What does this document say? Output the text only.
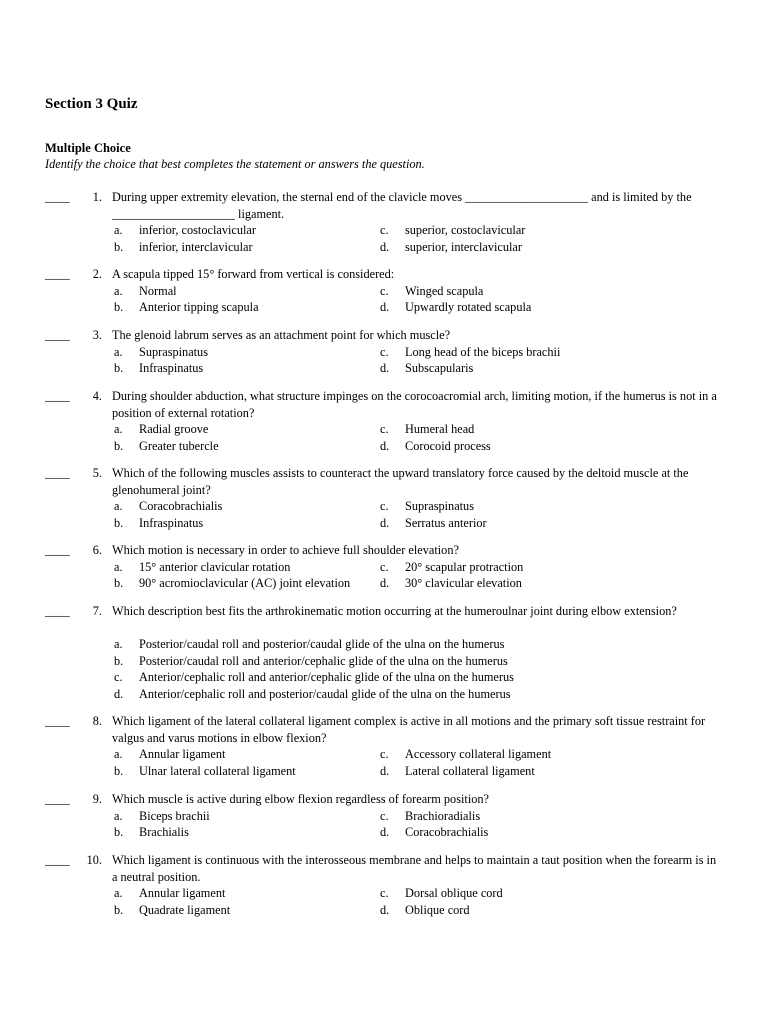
Section 3 Quiz
Multiple Choice
Identify the choice that best completes the statement or answers the question.
____	1. During upper extremity elevation, the sternal end of the clavicle moves ____________________ and is limited by the ____________________ ligament.
a. inferior, costoclavicular
b. inferior, interclavicular
c. superior, costoclavicular
d. superior, interclavicular
____	2. A scapula tipped 15° forward from vertical is considered:
a. Normal
b. Anterior tipping scapula
c. Winged scapula
d. Upwardly rotated scapula
____	3. The glenoid labrum serves as an attachment point for which muscle?
a. Supraspinatus
b. Infraspinatus
c. Long head of the biceps brachii
d. Subscapularis
____	4. During shoulder abduction, what structure impinges on the corocoacromial arch, limiting motion, if the humerus is not in a position of external rotation?
a. Radial groove
b. Greater tubercle
c. Humeral head
d. Corocoid process
____	5. Which of the following muscles assists to counteract the upward translatory force caused by the deltoid muscle at the glenohumeral joint?
a. Coracobrachialis
b. Infraspinatus
c. Supraspinatus
d. Serratus anterior
____	6. Which motion is necessary in order to achieve full shoulder elevation?
a. 15° anterior clavicular rotation
b. 90° acromioclavicular (AC) joint elevation
c. 20° scapular protraction
d. 30° clavicular elevation
____	7. Which description best fits the arthrokinematic motion occurring at the humeroulnar joint during elbow extension?
a. Posterior/caudal roll and posterior/caudal glide of the ulna on the humerus
b. Posterior/caudal roll and anterior/cephalic glide of the ulna on the humerus
c. Anterior/cephalic roll and anterior/cephalic glide of the ulna on the humerus
d. Anterior/cephalic roll and posterior/caudal glide of the ulna on the humerus
____	8. Which ligament of the lateral collateral ligament complex is active in all motions and the primary soft tissue restraint for valgus and varus motions in elbow flexion?
a. Annular ligament
b. Ulnar lateral collateral ligament
c. Accessory collateral ligament
d. Lateral collateral ligament
____	9. Which muscle is active during elbow flexion regardless of forearm position?
a. Biceps brachii
b. Brachialis
c. Brachioradialis
d. Coracobrachialis
____	10. Which ligament is continuous with the interosseous membrane and helps to maintain a taut position when the forearm is in a neutral position.
a. Annular ligament
b. Quadrate ligament
c. Dorsal oblique cord
d. Oblique cord
